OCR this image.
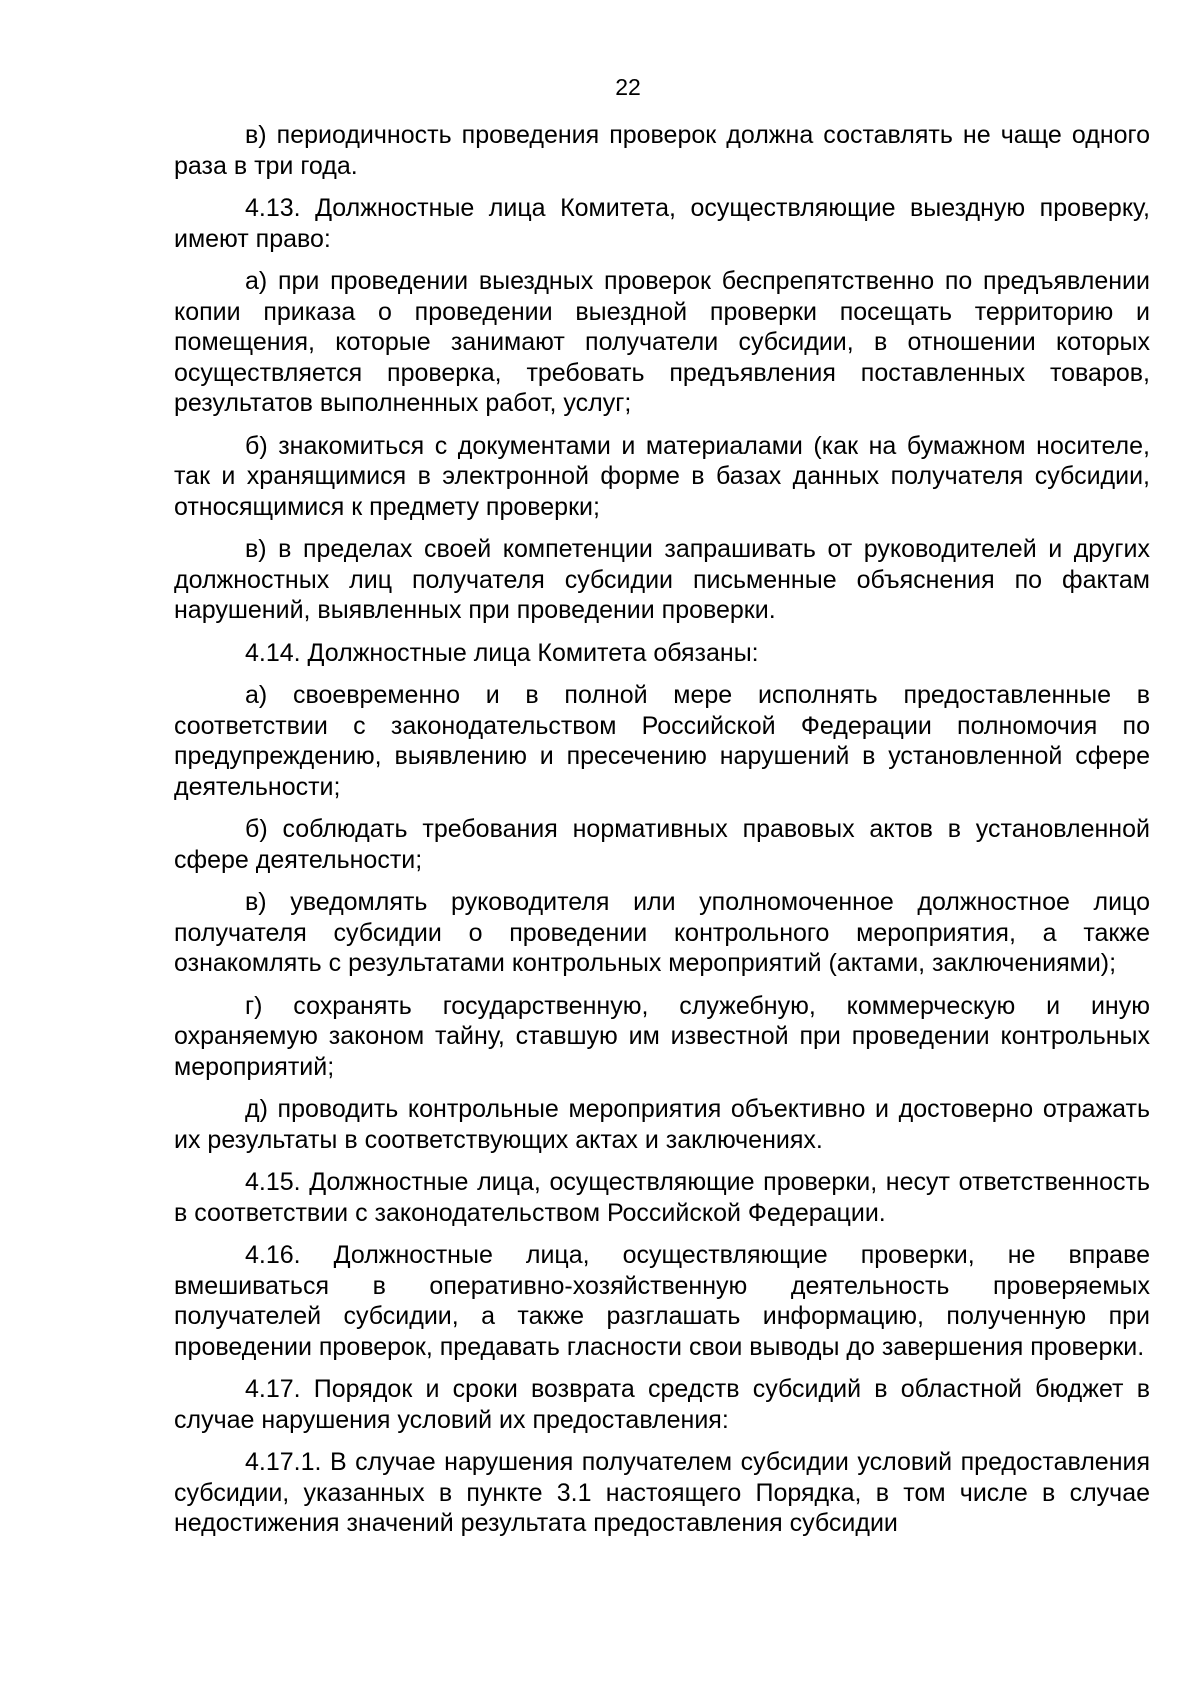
22

в) периодичность проведения проверок должна составлять не чаще одного раза в три года.

4.13. Должностные лица Комитета, осуществляющие выездную проверку, имеют право:

а) при проведении выездных проверок беспрепятственно по предъявлении копии приказа о проведении выездной проверки посещать территорию и помещения, которые занимают получатели субсидии, в отношении которых осуществляется проверка, требовать предъявления поставленных товаров, результатов выполненных работ, услуг;

б) знакомиться с документами и материалами (как на бумажном носителе, так и хранящимися в электронной форме в базах данных получателя субсидии, относящимися к предмету проверки;

в) в пределах своей компетенции запрашивать от руководителей и других должностных лиц получателя субсидии письменные объяснения по фактам нарушений, выявленных при проведении проверки.

4.14. Должностные лица Комитета обязаны:

а) своевременно и в полной мере исполнять предоставленные в соответствии с законодательством Российской Федерации полномочия по предупреждению, выявлению и пресечению нарушений в установленной сфере деятельности;

б) соблюдать требования нормативных правовых актов в установленной сфере деятельности;

в) уведомлять руководителя или уполномоченное должностное лицо получателя субсидии о проведении контрольного мероприятия, а также ознакомлять с результатами контрольных мероприятий (актами, заключениями);

г) сохранять государственную, служебную, коммерческую и иную охраняемую законом тайну, ставшую им известной при проведении контрольных мероприятий;

д) проводить контрольные мероприятия объективно и достоверно отражать их результаты в соответствующих актах и заключениях.

4.15. Должностные лица, осуществляющие проверки, несут ответственность в соответствии с законодательством Российской Федерации.

4.16. Должностные лица, осуществляющие проверки, не вправе вмешиваться в оперативно-хозяйственную деятельность проверяемых получателей субсидии, а также разглашать информацию, полученную при проведении проверок, предавать гласности свои выводы до завершения проверки.

4.17. Порядок и сроки возврата средств субсидий в областной бюджет в случае нарушения условий их предоставления:

4.17.1. В случае нарушения получателем субсидии условий предоставления субсидии, указанных в пункте 3.1 настоящего Порядка, в том числе в случае недостижения значений результата предоставления субсидии
